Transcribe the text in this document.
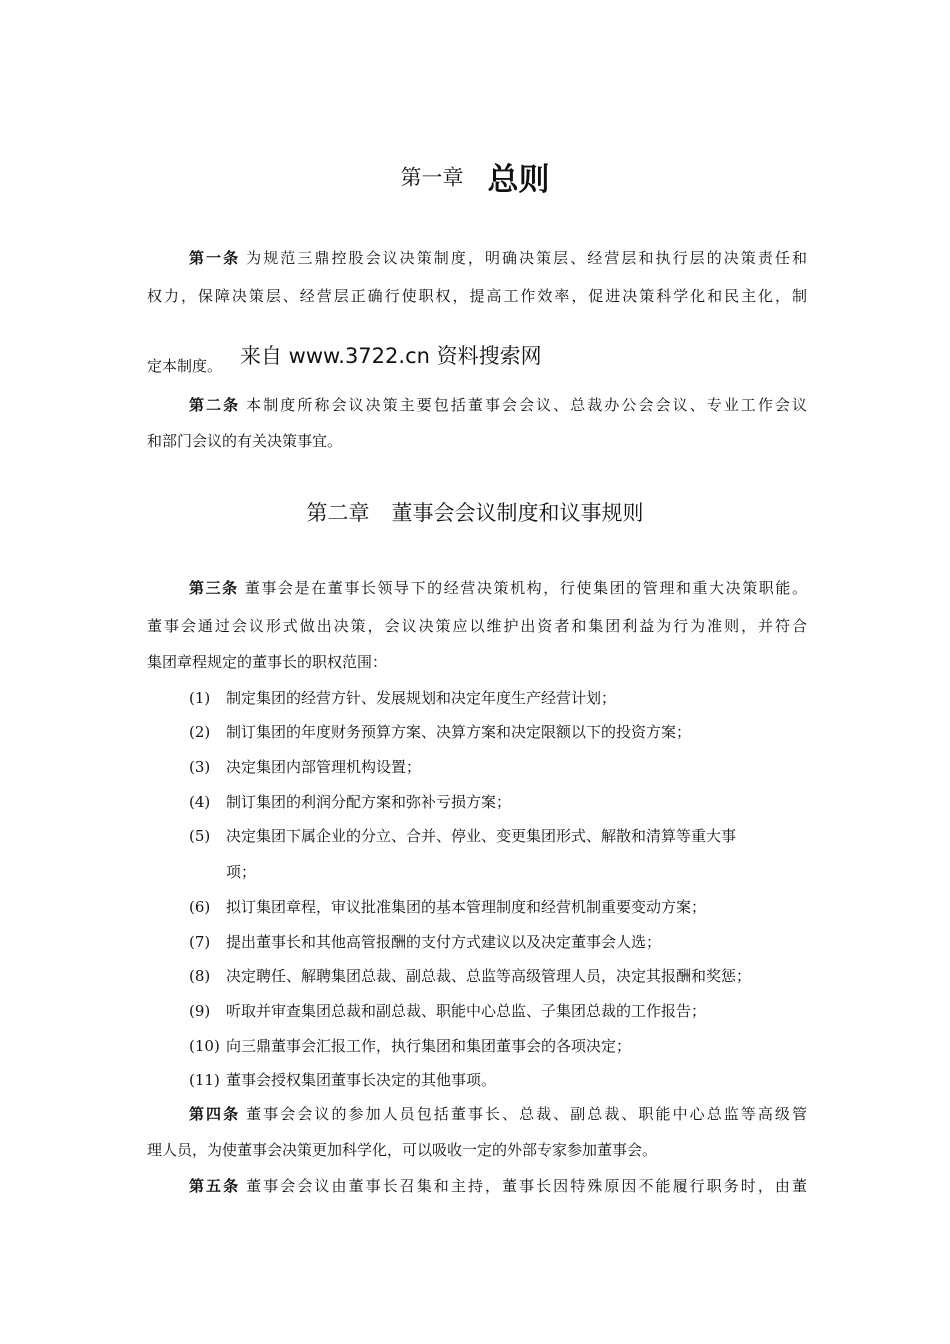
第一章 总则
第一条 为规范三鼎控股会议决策制度，明确决策层、经营层和执行层的决策责任和
权力，保障决策层、经营层正确行使职权，提高工作效率，促进决策科学化和民主化，制
定本制度。 来自 www.3722.cn 资料搜索网
第二条 本制度所称会议决策主要包括董事会会议、总裁办公会会议、专业工作会议
和部门会议的有关决策事宜。
第二章 董事会会议制度和议事规则
第三条 董事会是在董事长领导下的经营决策机构，行使集团的管理和重大决策职能。
董事会通过会议形式做出决策，会议决策应以维护出资者和集团利益为行为准则，并符合
集团章程规定的董事长的职权范围：
(1) 制定集团的经营方针、发展规划和决定年度生产经营计划；
(2) 制订集团的年度财务预算方案、决算方案和决定限额以下的投资方案；
(3) 决定集团内部管理机构设置；
(4) 制订集团的利润分配方案和弥补亏损方案；
(5) 决定集团下属企业的分立、合并、停业、变更集团形式、解散和清算等重大事
项；
(6) 拟订集团章程，审议批准集团的基本管理制度和经营机制重要变动方案；
(7) 提出董事长和其他高管报酬的支付方式建议以及决定董事会人选；
(8) 决定聘任、解聘集团总裁、副总裁、总监等高级管理人员，决定其报酬和奖惩；
(9) 听取并审查集团总裁和副总裁、职能中心总监、子集团总裁的工作报告；
(10) 向三鼎董事会汇报工作，执行集团和集团董事会的各项决定；
(11) 董事会授权集团董事长决定的其他事项。
第四条 董事会会议的参加人员包括董事长、总裁、副总裁、职能中心总监等高级管
理人员，为使董事会决策更加科学化，可以吸收一定的外部专家参加董事会。
第五条 董事会会议由董事长召集和主持，董事长因特殊原因不能履行职务时，由董
